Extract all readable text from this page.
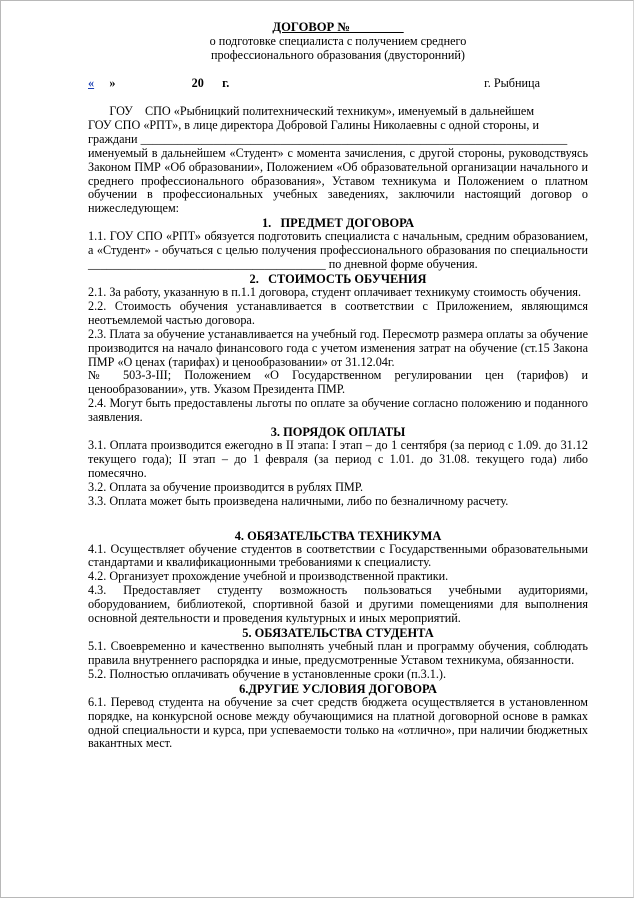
ДОГОВОР № ________

о подготовке специалиста с получением среднего

профессионального образования (двусторонний)

«     »                         20      г.	г. Рыбница

ГОУ    СПО «Рыбницкий политехнический техникум», именуемый в дальнейшем

ГОУ СПО «РПТ», в лице директора Добровой Галины Николаевны с одной стороны, и

граждани ______________________________________________________________________

именуемый в дальнейшем «Студент» с момента зачисления, с другой стороны, руководствуясь Законом ПМР «Об образовании», Положением «Об образовательной организации начального и среднего профессионального образования», Уставом техникума и Положением о платном обучении в профессиональных учебных заведениях, заключили настоящий договор о нижеследующем:

1.   ПРЕДМЕТ ДОГОВОРА

1.1. ГОУ СПО «РПТ» обязуется подготовить специалиста с начальным, средним образованием, а «Студент» - обучаться с целью получения профессионального образования по специальности _______________________________________ по дневной форме обучения.

2.   СТОИМОСТЬ ОБУЧЕНИЯ

2.1. За работу, указанную в п.1.1 договора, студент оплачивает техникуму стоимость обучения.

2.2. Стоимость обучения устанавливается в соответствии с Приложением, являющимся неотъемлемой частью договора.

2.3. Плата за обучение устанавливается на учебный год. Пересмотр размера оплаты за обучение производится на начало финансового года с учетом изменения затрат на обучение (ст.15 Закона ПМР «О ценах (тарифах) и ценообразовании» от 31.12.04г.

№ 503-З-III; Положением «О Государственном регулировании цен (тарифов) и ценообразовании», утв. Указом Президента ПМР.

2.4. Могут быть предоставлены льготы по оплате за обучение согласно положению и поданного заявления.

3. ПОРЯДОК ОПЛАТЫ

3.1. Оплата производится ежегодно в II этапа: I этап – до 1 сентября (за период с 1.09. до 31.12 текущего года); II этап – до 1 февраля (за период с 1.01. до 31.08. текущего года) либо помесячно.

3.2. Оплата за обучение производится в рублях ПМР.

3.3. Оплата может быть произведена наличными, либо по безналичному расчету.

4. ОБЯЗАТЕЛЬСТВА ТЕХНИКУМА

4.1. Осуществляет обучение студентов в соответствии с Государственными образовательными стандартами и квалификационными требованиями к специалисту.

4.2. Организует прохождение учебной и производственной практики.

4.3. Предоставляет студенту возможность пользоваться учебными аудиториями, оборудованием, библиотекой, спортивной базой и другими помещениями для выполнения основной деятельности и проведения культурных и иных мероприятий.

5. ОБЯЗАТЕЛЬСТВА СТУДЕНТА

5.1. Своевременно и качественно выполнять учебный план и программу обучения, соблюдать правила внутреннего распорядка и иные, предусмотренные Уставом техникума, обязанности.

5.2. Полностью оплачивать обучение в установленные сроки (п.3.1.).

6.ДРУГИЕ УСЛОВИЯ ДОГОВОРА

6.1. Перевод студента на обучение за счет средств бюджета осуществляется в установленном порядке, на конкурсной основе между обучающимися на платной договорной основе в рамках одной специальности и курса, при успеваемости только на «отлично», при наличии бюджетных вакантных мест.
